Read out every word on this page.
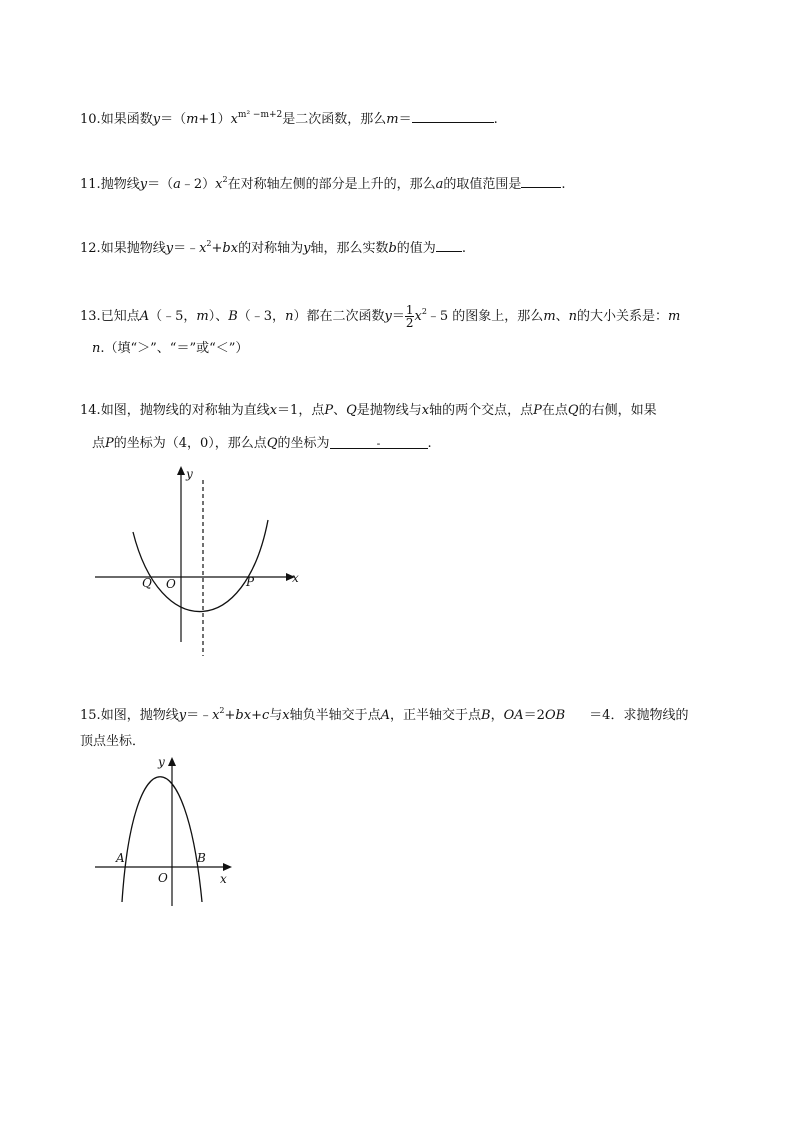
10.如果函数$y=(m+1)x^{m^2 -m+2}$是二次函数，那么m＝	.
11.抛物线$y=(a﹣2)x^2$在对称轴左侧的部分是上升的，那么a的取值范围是	.
12.如果抛物线$y=﹣x^2+bx$的对称轴为y轴，那么实数b的值为 .
13.已知点A（﹣5，m）、B（﹣3，n）都在二次函数$y= \frac{1}{2}$ $x^2﹣5$ 的图象上，那么m、n的大小关系是：m
n.（填“＞”、“＝”或“＜”）
14.如图，抛物线的对称轴为直线x＝1，点P、Q是抛物线与x轴的两个交点，点P在点Q的右侧，如果
点P的坐标为（4，0），那么点Q的坐标为	-	.
y
x
Q O	P
15.如图，抛物线$y=﹣x^2+bx+c$与x轴负半轴交于点A，正半轴交于点B，OA＝2OB ＝4．求抛物线的
顶点坐标．
y
x
A	B
O
